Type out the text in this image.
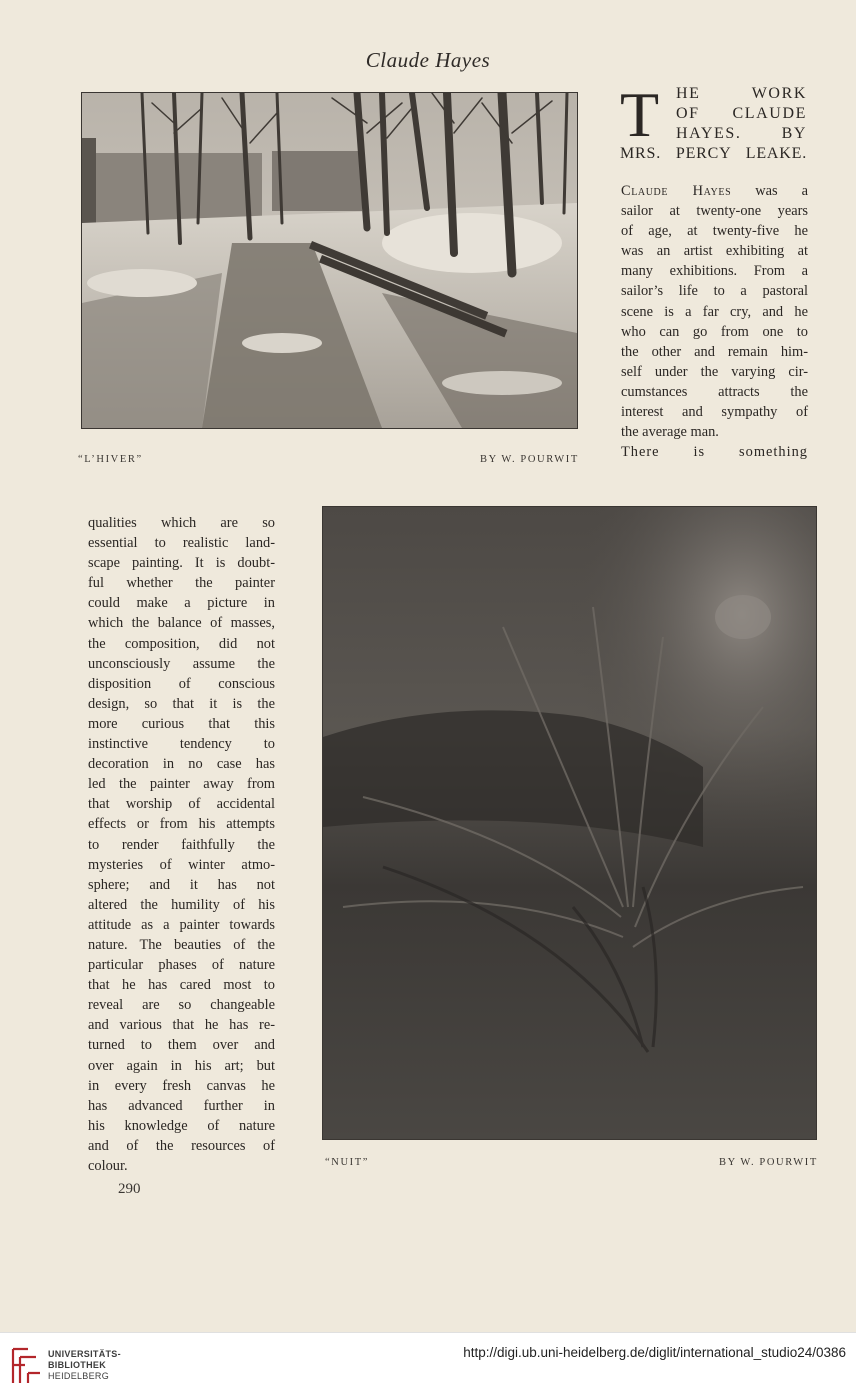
Claude Hayes
“L’HIVER”	BY W. POURWIT
T HE WORK
OF CLAUDE
HAYES. BY
MRS. PERCY LEAKE.
Claude Hayes was a
sailor at twenty-one years
of age, at twenty-five he
was an artist exhibiting at
many exhibitions. From a
sailor’s life to a pastoral
scene is a far cry, and he
who can go from one to
the other and remain him-
self under the varying cir-
cumstances attracts the
interest and sympathy of
the average man.
There is something
qualities which are so
essential to realistic land-
scape painting. It is doubt-
ful whether the painter
could make a picture in
which the balance of masses,
the composition, did not
unconsciously assume the
disposition of conscious
design, so that it is the
more curious that this
instinctive tendency to
decoration in no case has
led the painter away from
that worship of accidental
effects or from his attempts
to render faithfully the
mysteries of winter atmo-
sphere; and it has not
altered the humility of his
attitude as a painter towards
nature. The beauties of the
particular phases of nature
that he has cared most to
reveal are so changeable
and various that he has re-
turned to them over and
over again in his art; but
in every fresh canvas he
has advanced further in
his knowledge of nature
and of the resources of
colour.	“NUIT”	BY W. POURWIT
290
UNIVERSITÄTS-
BIBLIOTHEK
HEIDELBERG
http://digi.ub.uni-heidelberg.de/diglit/international_studio24/0386
